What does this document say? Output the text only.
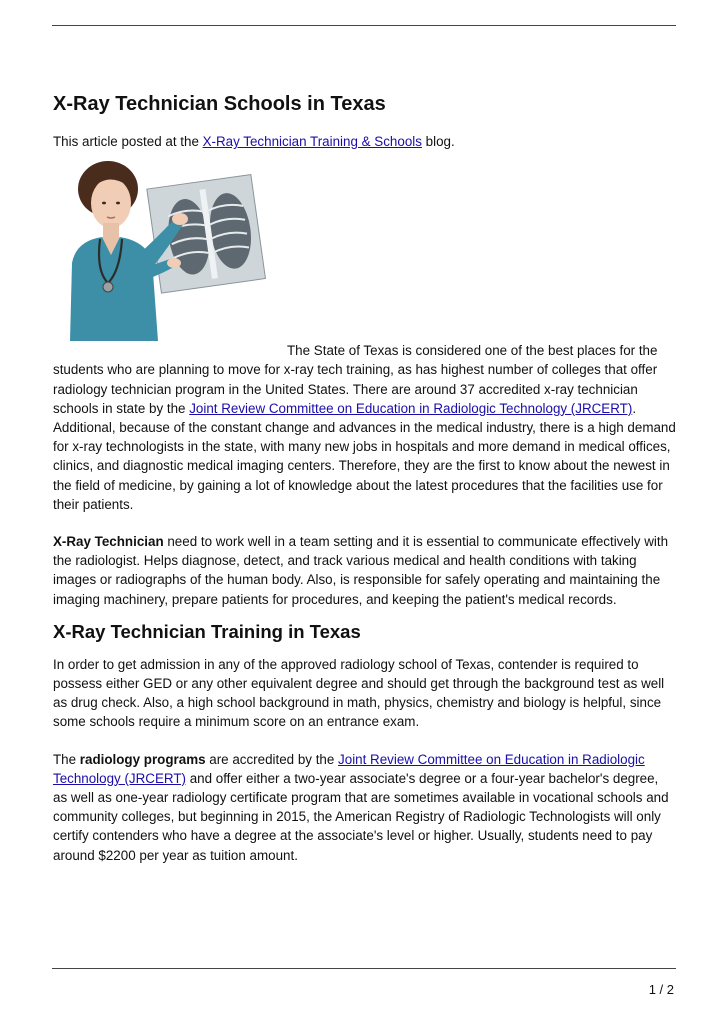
X-Ray Technician Schools in Texas

This article posted at the X-Ray Technician Training & Schools blog.

The State of Texas is considered one of the best places for the students who are planning to move for x-ray tech training, as has highest number of colleges that offer radiology technician program in the United States. There are around 37 accredited x-ray technician schools in state by the Joint Review Committee on Education in Radiologic Technology (JRCERT).

Additional, because of the constant change and advances in the medical industry, there is a high demand for x-ray technologists in the state, with many new jobs in hospitals and more demand in medical offices, clinics, and diagnostic medical imaging centers. Therefore, they are the first to know about the newest in the field of medicine, by gaining a lot of knowledge about the latest procedures that the facilities use for their patients.

X-Ray Technician need to work well in a team setting and it is essential to communicate effectively with the radiologist. Helps diagnose, detect, and track various medical and health conditions with taking images or radiographs of the human body. Also, is responsible for safely operating and maintaining the imaging machinery, prepare patients for procedures, and keeping the patient's medical records.

X-Ray Technician Training in Texas

In order to get admission in any of the approved radiology school of Texas, contender is required to possess either GED or any other equivalent degree and should get through the background test as well as drug check. Also, a high school background in math, physics, chemistry and biology is helpful, since some schools require a minimum score on an entrance exam.

The radiology programs are accredited by the Joint Review Committee on Education in Radiologic Technology (JRCERT) and offer either a two-year associate's degree or a four-year bachelor's degree, as well as one-year radiology certificate program that are sometimes available in vocational schools and community colleges, but beginning in 2015, the American Registry of Radiologic Technologists will only certify contenders who have a degree at the associate's level or higher. Usually, students need to pay around $2200 per year as tuition amount.

1 / 2
